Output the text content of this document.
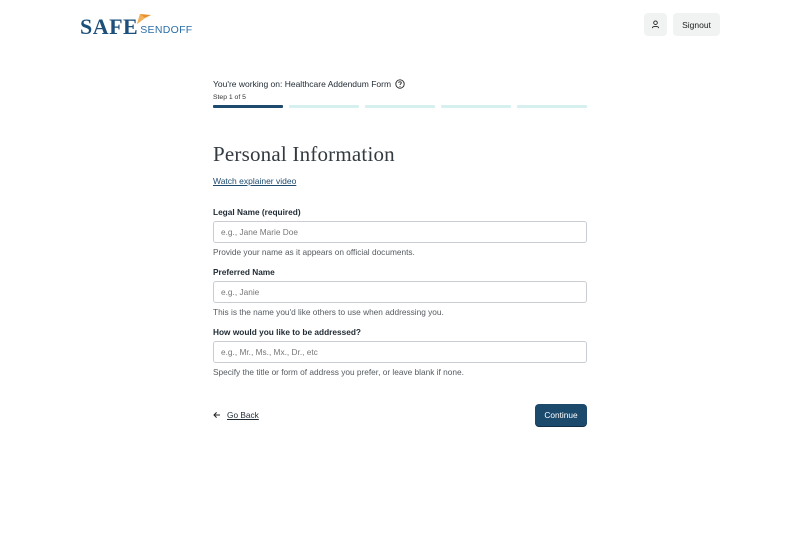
SAFE SENDOFF	Signout
You're working on: Healthcare Addendum Form
Step 1 of 5
Personal Information
Watch explainer video
Legal Name (required)
e.g., Jane Marie Doe
Provide your name as it appears on official documents.
Preferred Name
e.g., Janie
This is the name you'd like others to use when addressing you.
How would you like to be addressed?
e.g., Mr., Ms., Mx., Dr., etc
Specify the title or form of address you prefer, or leave blank if none.
Go Back	Continue
